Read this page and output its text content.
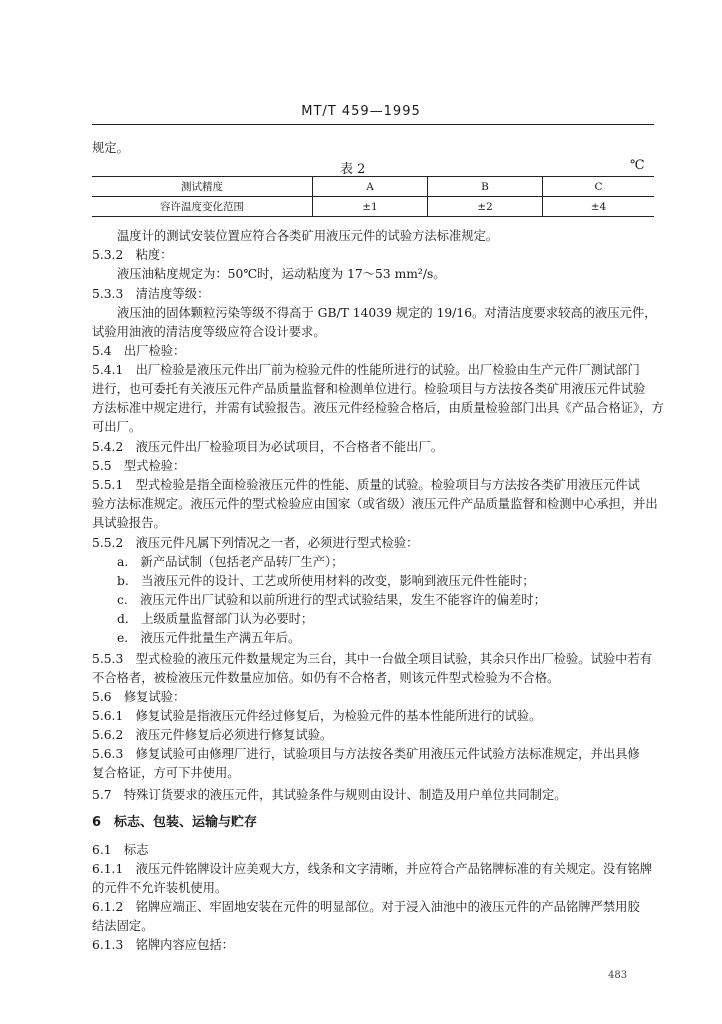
MT/T 459—1995
规定。
表 2	℃
测试精度	A	B	C
容许温度变化范围	±1	±2	±4
温度计的测试安装位置应符合各类矿用液压元件的试验方法标准规定。
5.3.2　粘度：
液压油粘度规定为：50℃时，运动粘度为 17～53 mm²/s。
5.3.3　清洁度等级：
液压油的固体颗粒污染等级不得高于 GB/T 14039 规定的 19/16。对清洁度要求较高的液压元件，
试验用油液的清洁度等级应符合设计要求。
5.4　出厂检验：
5.4.1　出厂检验是液压元件出厂前为检验元件的性能所进行的试验。出厂检验由生产元件厂测试部门
进行，也可委托有关液压元件产品质量监督和检测单位进行。检验项目与方法按各类矿用液压元件试验
方法标准中规定进行，并需有试验报告。液压元件经检验合格后，由质量检验部门出具《产品合格证》，方
可出厂。
5.4.2　液压元件出厂检验项目为必试项目，不合格者不能出厂。
5.5　型式检验：
5.5.1　型式检验是指全面检验液压元件的性能、质量的试验。检验项目与方法按各类矿用液压元件试
验方法标准规定。液压元件的型式检验应由国家（或省级）液压元件产品质量监督和检测中心承担，并出
具试验报告。
5.5.2　液压元件凡属下列情况之一者，必须进行型式检验：
a.　新产品试制（包括老产品转厂生产）；
b.　当液压元件的设计、工艺或所使用材料的改变，影响到液压元件性能时；
c.　液压元件出厂试验和以前所进行的型式试验结果，发生不能容许的偏差时；
d.　上级质量监督部门认为必要时；
e.　液压元件批量生产满五年后。
5.5.3　型式检验的液压元件数量规定为三台，其中一台做全项目试验，其余只作出厂检验。试验中若有
不合格者，被检液压元件数量应加倍。如仍有不合格者，则该元件型式检验为不合格。
5.6　修复试验：
5.6.1　修复试验是指液压元件经过修复后，为检验元件的基本性能所进行的试验。
5.6.2　液压元件修复后必须进行修复试验。
5.6.3　修复试验可由修理厂进行，试验项目与方法按各类矿用液压元件试验方法标准规定，并出具修
复合格证，方可下井使用。
5.7　特殊订货要求的液压元件，其试验条件与规则由设计、制造及用户单位共同制定。
6　标志、包装、运输与贮存
6.1　标志
6.1.1　液压元件铭牌设计应美观大方，线条和文字清晰，并应符合产品铭牌标准的有关规定。没有铭牌
的元件不允许装机使用。
6.1.2　铭牌应端正、牢固地安装在元件的明显部位。对于浸入油池中的液压元件的产品铭牌严禁用胶
结法固定。
6.1.3　铭牌内容应包括：
483
